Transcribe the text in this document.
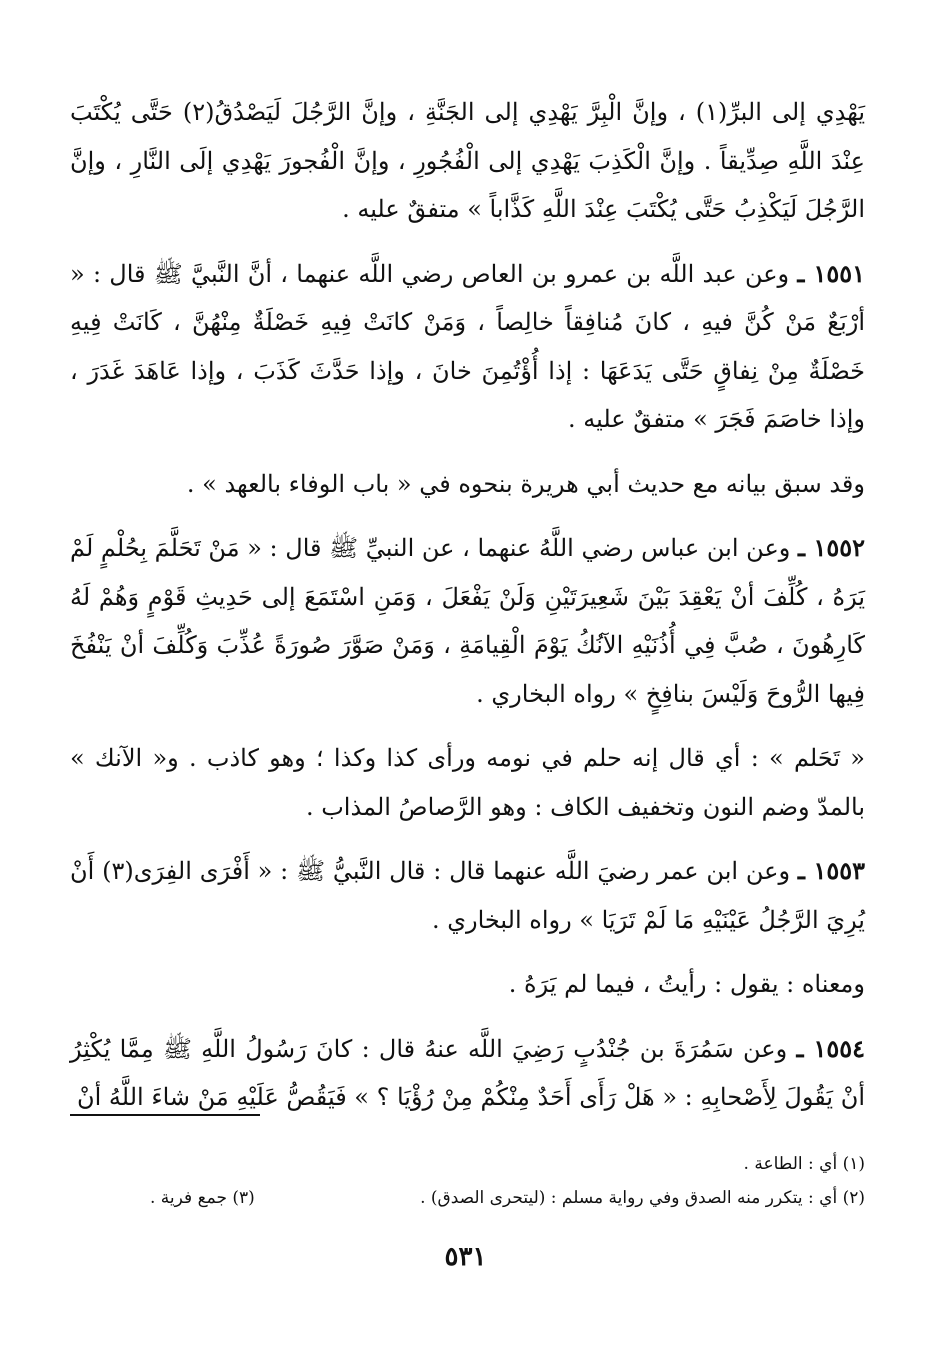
يَهْدِي إلى البرِّ(١) ، وإنَّ الْبِرَّ يَهْدِي إلى الجَنَّةِ ، وإنَّ الرَّجُلَ لَيَصْدُقُ(٢) حَتَّى يُكْتَبَ عِنْدَ اللَّهِ صِدِّيقاً . وإنَّ الْكَذِبَ يَهْدِي إلى الْفُجُورِ ، وإنَّ الْفُجورَ يَهْدِي إلَى النَّارِ ، وإنَّ الرَّجُلَ لَيَكْذِبُ حَتَّى يُكْتَبَ عِنْدَ اللَّهِ كَذَّاباً » متفقٌ عليه .

١٥٥١ ـ وعن عبد اللَّه بن عمرو بن العاص رضي اللَّه عنهما ، أنَّ النَّبيَّ ﷺ قال : « أرْبَعٌ مَنْ كُنَّ فيهِ ، كانَ مُنافِقاً خالِصاً ، وَمَنْ كانَتْ فِيهِ خَصْلَةٌ مِنْهُنَّ ، كَانَتْ فِيهِ خَصْلَةٌ مِنْ نِفاقٍ حَتَّى يَدَعَهَا : إذا أُؤْتُمِنَ خانَ ، وإذا حَدَّثَ كَذَبَ ، وإذا عَاهَدَ غَدَرَ ، وإذا خاصَمَ فَجَرَ » متفقٌ عليه .

وقد سبق بيانه مع حديث أبي هريرة بنحوه في « باب الوفاء بالعهد » .

١٥٥٢ ـ وعن ابن عباس رضي اللَّهُ عنهما ، عن النبيِّ ﷺ قال : « مَنْ تَحَلَّمَ بِحُلْمٍ لَمْ يَرَهُ ، كُلِّفَ أنْ يَعْقِدَ بَيْنَ شَعِيرَتَيْنِ وَلَنْ يَفْعَلَ ، وَمَنِ اسْتَمَعَ إلى حَدِيثِ قَوْمٍ وَهُمْ لَهُ كَارِهُونَ ، صُبَّ فِي أُذُنَيْهِ الآنُكُ يَوْمَ الْقِيامَةِ ، وَمَنْ صَوَّرَ صُورَةً عُذِّبَ وَكُلِّفَ أنْ يَنْفُخَ فِيها الرُّوحَ وَلَيْسَ بنافِخٍ » رواه البخاري .

« تَحَلم » : أي قال إنه حلم في نومه ورأى كذا وكذا ؛ وهو كاذب . و« الآنك » بالمدّ وضم النون وتخفيف الكاف : وهو الرَّصاصُ المذاب .

١٥٥٣ ـ وعن ابن عمر رضيَ اللَّه عنهما قال : قال النَّبيُّ ﷺ : « أَفْرَى الفِرَى(٣) أَنْ يُرِيَ الرَّجُلُ عَيْنَيْهِ مَا لَمْ تَرَيَا » رواه البخاري .

ومعناه : يقول : رأيتُ ، فيما لم يَرَهُ .

١٥٥٤ ـ وعن سَمُرَةَ بن جُنْدُبٍ رَضِيَ اللَّه عنهُ قال : كانَ رَسُولُ اللَّهِ ﷺ مِمَّا يُكْثِرُ أنْ يَقُولَ لِأَصْحابِهِ : « هَلْ رَأَى أَحَدٌ مِنْكُمْ مِنْ رُؤْيَا ؟ » فَيَقُصُّ عَلَيْهِ مَنْ شاءَ اللَّهُ أنْ

(١) أي : الطاعة .
(٢) أي : يتكرر منه الصدق وفي رواية مسلم : (ليتحرى الصدق) .
(٣) جمع فرية .
٥٣١
